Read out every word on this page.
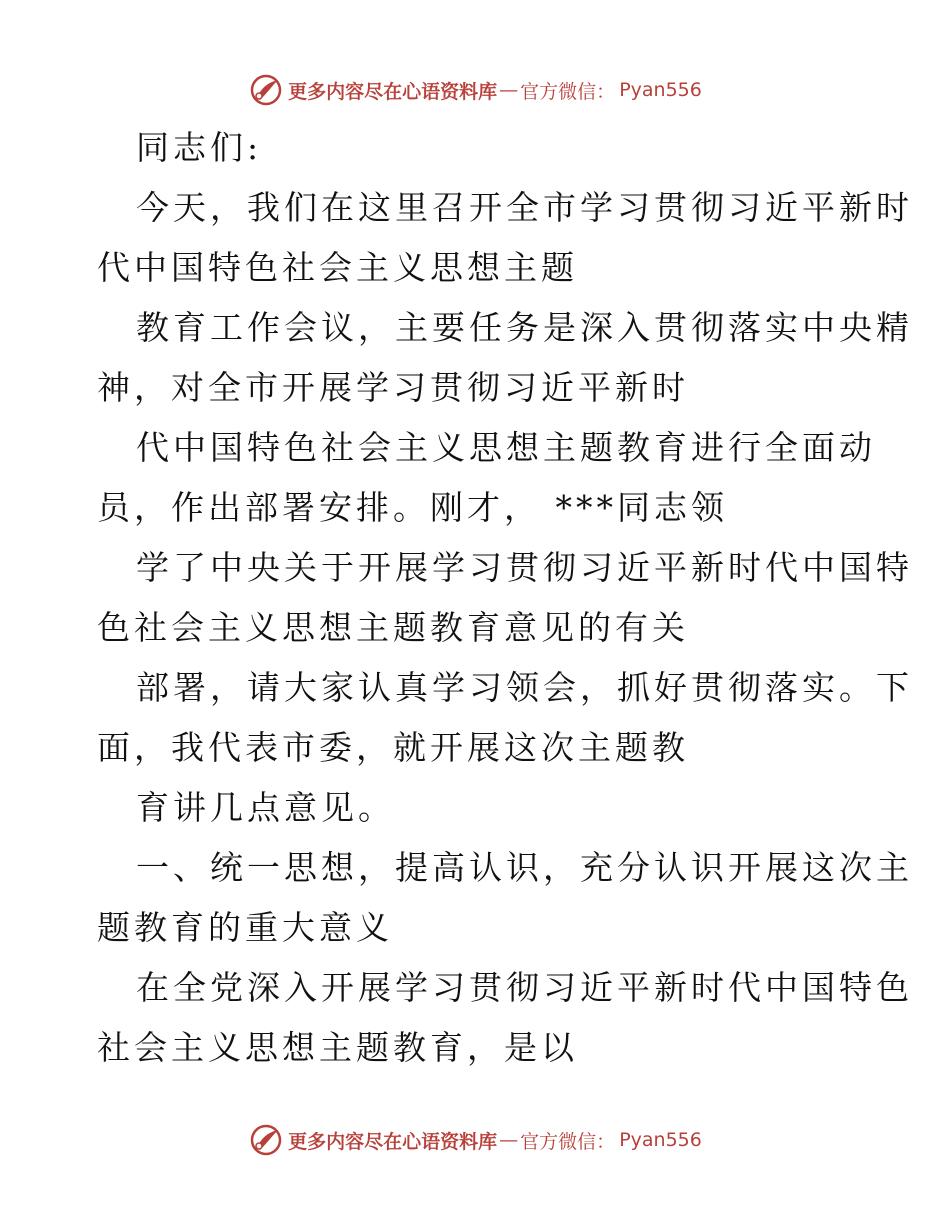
更多内容尽在心语资料库 — 官方微信 ： Pyan556
同志们:
今天，我们在这里召开全市学习贯彻习近平新时
代中国特色社会主义思想主题
教育工作会议，主要任务是深入贯彻落实中央精
神，对全市开展学习贯彻习近平新时
代中国特色社会主义思想主题教育进行全面动
员，作出部署安排。刚才， ***同志领
学了中央关于开展学习贯彻习近平新时代中国特
色社会主义思想主题教育意见的有关
部署，请大家认真学习领会，抓好贯彻落实。下
面，我代表市委，就开展这次主题教
育讲几点意见。
一、统一思想，提高认识，充分认识开展这次主
题教育的重大意义
在全党深入开展学习贯彻习近平新时代中国特色
社会主义思想主题教育，是以
更多内容尽在心语资料库 — 官方微信 ： Pyan556
